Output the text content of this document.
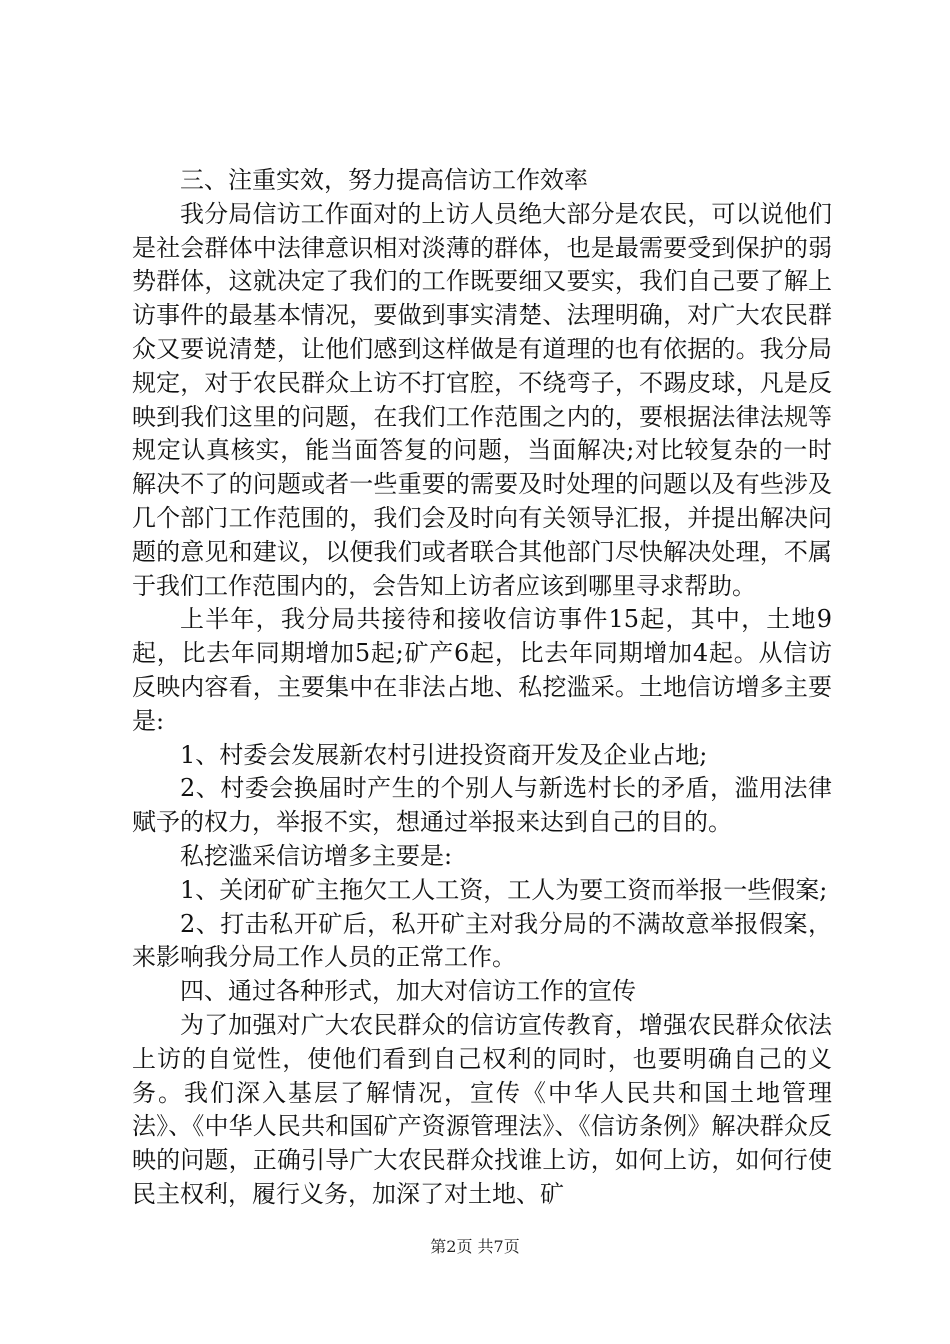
三、注重实效，努力提高信访工作效率

我分局信访工作面对的上访人员绝大部分是农民，可以说他们是社会群体中法律意识相对淡薄的群体，也是最需要受到保护的弱势群体，这就决定了我们的工作既要细又要实，我们自己要了解上访事件的最基本情况，要做到事实清楚、法理明确，对广大农民群众又要说清楚，让他们感到这样做是有道理的也有依据的。我分局规定，对于农民群众上访不打官腔，不绕弯子，不踢皮球，凡是反映到我们这里的问题，在我们工作范围之内的，要根据法律法规等规定认真核实，能当面答复的问题，当面解决;对比较复杂的一时解决不了的问题或者一些重要的需要及时处理的问题以及有些涉及几个部门工作范围的，我们会及时向有关领导汇报，并提出解决问题的意见和建议，以便我们或者联合其他部门尽快解决处理，不属于我们工作范围内的，会告知上访者应该到哪里寻求帮助。

上半年，我分局共接待和接收信访事件15起，其中，土地9起，比去年同期增加5起;矿产6起，比去年同期增加4起。从信访反映内容看，主要集中在非法占地、私挖滥采。土地信访增多主要是:

1、村委会发展新农村引进投资商开发及企业占地;

2、村委会换届时产生的个别人与新选村长的矛盾，滥用法律赋予的权力，举报不实，想通过举报来达到自己的目的。

私挖滥采信访增多主要是:

1、关闭矿矿主拖欠工人工资，工人为要工资而举报一些假案;

2、打击私开矿后，私开矿主对我分局的不满故意举报假案，来影响我分局工作人员的正常工作。

四、通过各种形式，加大对信访工作的宣传

为了加强对广大农民群众的信访宣传教育，增强农民群众依法上访的自觉性，使他们看到自己权利的同时，也要明确自己的义务。我们深入基层了解情况，宣传《中华人民共和国土地管理法》、《中华人民共和国矿产资源管理法》、《信访条例》解决群众反映的问题，正确引导广大农民群众找谁上访，如何上访，如何行使民主权利，履行义务，加深了对土地、矿

第2页 共7页
